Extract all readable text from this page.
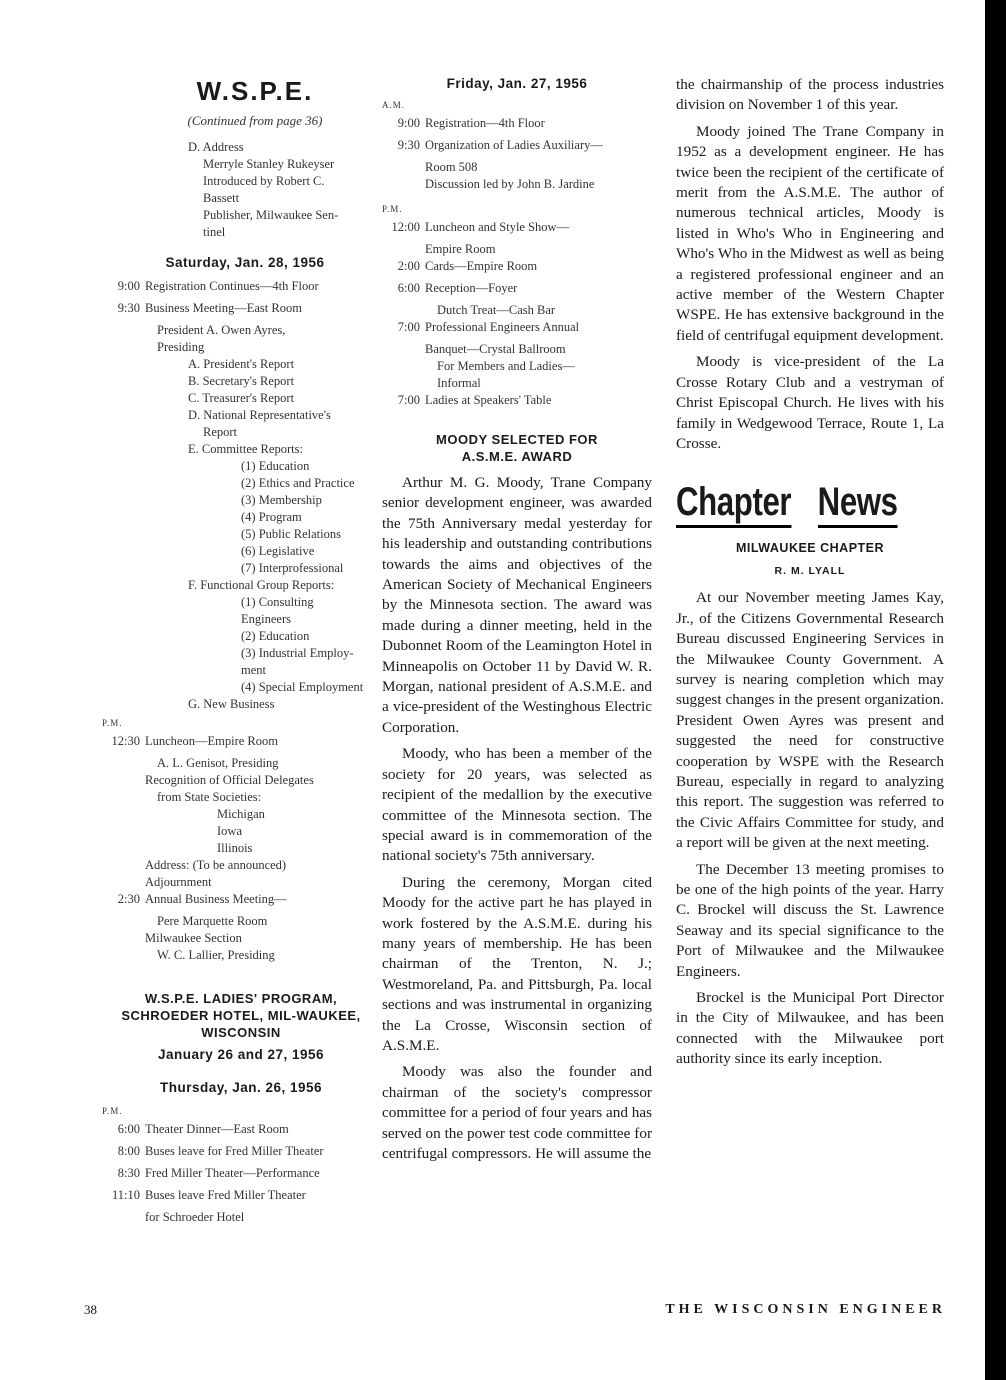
W.S.P.E.
(Continued from page 36)
D. Address
Merryle Stanley Rukeyser
Introduced by Robert C.
Bassett
Publisher, Milwaukee Sen-
tinel
Saturday, Jan. 28, 1956
9:00 Registration Continues—4th Floor
9:30 Business Meeting—East Room
President A. Owen Ayres,
Presiding
A. President's Report
B. Secretary's Report
C. Treasurer's Report
D. National Representative's
Report
E. Committee Reports:
(1) Education
(2) Ethics and Practice
(3) Membership
(4) Program
(5) Public Relations
(6) Legislative
(7) Interprofessional
F. Functional Group Reports:
(1) Consulting Engineers
(2) Education
(3) Industrial Employ-
ment
(4) Special Employment
G. New Business
P.M.
12:30 Luncheon—Empire Room
A. L. Genisot, Presiding
Recognition of Official Delegates
from State Societies:
Michigan
Iowa
Illinois
Address: (To be announced)
Adjournment
2:30 Annual Business Meeting—
Pere Marquette Room
Milwaukee Section
W. C. Lallier, Presiding
W.S.P.E. LADIES' PROGRAM, SCHROEDER HOTEL, MIL-WAUKEE, WISCONSIN
January 26 and 27, 1956
Thursday, Jan. 26, 1956
P.M.
6:00 Theater Dinner—East Room
8:00 Buses leave for Fred Miller Theater
8:30 Fred Miller Theater—Performance
11:10 Buses leave Fred Miller Theater
for Schroeder Hotel
Friday, Jan. 27, 1956
A.M.
9:00 Registration—4th Floor
9:30 Organization of Ladies Auxiliary—
Room 508
Discussion led by John B. Jardine
P.M.
12:00 Luncheon and Style Show—
Empire Room
2:00 Cards—Empire Room
6:00 Reception—Foyer
Dutch Treat—Cash Bar
7:00 Professional Engineers Annual
Banquet—Crystal Ballroom
For Members and Ladies—
Informal
7:00 Ladies at Speakers' Table
MOODY SELECTED FOR
A.S.M.E. AWARD

Arthur M. G. Moody, Trane Company senior development engineer, was awarded the 75th Anniversary medal yesterday for his leadership and outstanding contributions towards the aims and objectives of the American Society of Mechanical Engineers by the Minnesota section. The award was made during a dinner meeting, held in the Dubonnet Room of the Leamington Hotel in Minneapolis on October 11 by David W. R. Morgan, national president of A.S.M.E. and a vice-president of the Westinghous Electric Corporation.

Moody, who has been a member of the society for 20 years, was selected as recipient of the medallion by the executive committee of the Minnesota section. The special award is in commemoration of the national society's 75th anniversary.

During the ceremony, Morgan cited Moody for the active part he has played in work fostered by the A.S.M.E. during his many years of membership. He has been chairman of the Trenton, N. J.; Westmoreland, Pa. and Pittsburgh, Pa. local sections and was instrumental in organizing the La Crosse, Wisconsin section of A.S.M.E.

Moody was also the founder and chairman of the society's compressor committee for a period of four years and has served on the power test code committee for centrifugal compressors. He will assume the

the chairmanship of the process industries division on November 1 of this year.

Moody joined The Trane Company in 1952 as a development engineer. He has twice been the recipient of the certificate of merit from the A.S.M.E. The author of numerous technical articles, Moody is listed in Who's Who in Engineering and Who's Who in the Midwest as well as being a registered professional engineer and an active member of the Western Chapter WSPE. He has extensive background in the field of centrifugal equipment development.

Moody is vice-president of the La Crosse Rotary Club and a vestryman of Christ Episcopal Church. He lives with his family in Wedgewood Terrace, Route 1, La Crosse.

Chapter News
MILWAUKEE CHAPTER
R. M. LYALL

At our November meeting James Kay, Jr., of the Citizens Governmental Research Bureau discussed Engineering Services in the Milwaukee County Government. A survey is nearing completion which may suggest changes in the present organization. President Owen Ayres was present and suggested the need for constructive cooperation by WSPE with the Research Bureau, especially in regard to analyzing this report. The suggestion was referred to the Civic Affairs Committee for study, and a report will be given at the next meeting.

The December 13 meeting promises to be one of the high points of the year. Harry C. Brockel will discuss the St. Lawrence Seaway and its special significance to the Port of Milwaukee and the Milwaukee Engineers.

Brockel is the Municipal Port Director in the City of Milwaukee, and has been connected with the Milwaukee port authority since its early inception.

38	THE WISCONSIN ENGINEER
